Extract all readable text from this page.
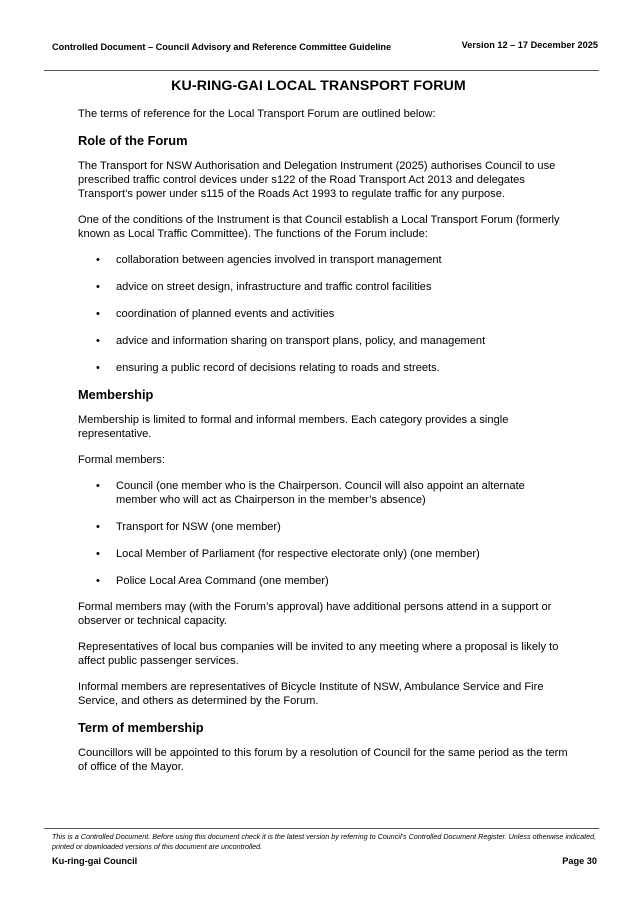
Controlled Document – Council Advisory and Reference Committee Guideline	Version 12 – 17 December 2025
KU-RING-GAI LOCAL TRANSPORT FORUM

The terms of reference for the Local Transport Forum are outlined below:

Role of the Forum

The Transport for NSW Authorisation and Delegation Instrument (2025) authorises Council to use prescribed traffic control devices under s122 of the Road Transport Act 2013 and delegates Transport’s power under s115 of the Roads Act 1993 to regulate traffic for any purpose.

One of the conditions of the Instrument is that Council establish a Local Transport Forum (formerly known as Local Traffic Committee). The functions of the Forum include:

• collaboration between agencies involved in transport management
• advice on street design, infrastructure and traffic control facilities
• coordination of planned events and activities
• advice and information sharing on transport plans, policy, and management
• ensuring a public record of decisions relating to roads and streets.
Membership

Membership is limited to formal and informal members. Each category provides a single representative.

Formal members:

• Council (one member who is the Chairperson. Council will also appoint an alternate member who will act as Chairperson in the member’s absence)
• Transport for NSW (one member)
• Local Member of Parliament (for respective electorate only) (one member)
• Police Local Area Command (one member)

Formal members may (with the Forum’s approval) have additional persons attend in a support or observer or technical capacity.

Representatives of local bus companies will be invited to any meeting where a proposal is likely to affect public passenger services.

Informal members are representatives of Bicycle Institute of NSW, Ambulance Service and Fire Service, and others as determined by the Forum.

Term of membership

Councillors will be appointed to this forum by a resolution of Council for the same period as the term of office of the Mayor.

This is a Controlled Document. Before using this document check it is the latest version by referring to Council’s Controlled Document Register. Unless otherwise indicated, printed or downloaded versions of this document are uncontrolled.
Ku-ring-gai Council	Page 30
